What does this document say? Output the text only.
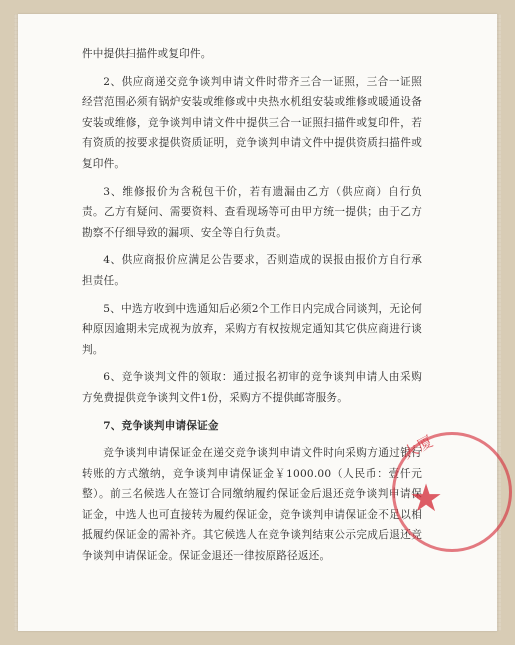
件中提供扫描件或复印件。

2、供应商递交竞争谈判申请文件时带齐三合一证照，三合一证照经营范围必须有锅炉安装或维修或中央热水机组安装或维修或暖通设备安装或维修，竞争谈判申请文件中提供三合一证照扫描件或复印件，若有资质的按要求提供资质证明，竞争谈判申请文件中提供资质扫描件或复印件。

3、维修报价为含税包干价，若有遗漏由乙方（供应商）自行负责。乙方有疑问、需要资料、查看现场等可由甲方统一提供；由于乙方勘察不仔细导致的漏项、安全等自行负责。

4、供应商报价应满足公告要求，否则造成的误报由报价方自行承担责任。

5、中选方收到中选通知后必须2个工作日内完成合同谈判，无论何种原因逾期未完成视为放弃，采购方有权按规定通知其它供应商进行谈判。

6、竞争谈判文件的领取：通过报名初审的竞争谈判申请人由采购方免费提供竞争谈判文件1份，采购方不提供邮寄服务。

7、竞争谈判申请保证金

竞争谈判申请保证金在递交竞争谈判申请文件时向采购方通过银行转账的方式缴纳，竞争谈判申请保证金￥1000.00（人民币：壹仟元整）。前三名候选人在签订合同缴纳履约保证金后退还竞争谈判申请保证金，中选人也可直接转为履约保证金，竞争谈判申请保证金不足以相抵履约保证金的需补齐。其它候选人在竞争谈判结束公示完成后退还竞争谈判申请保证金。保证金退还一律按原路径返还。

大厦
★
